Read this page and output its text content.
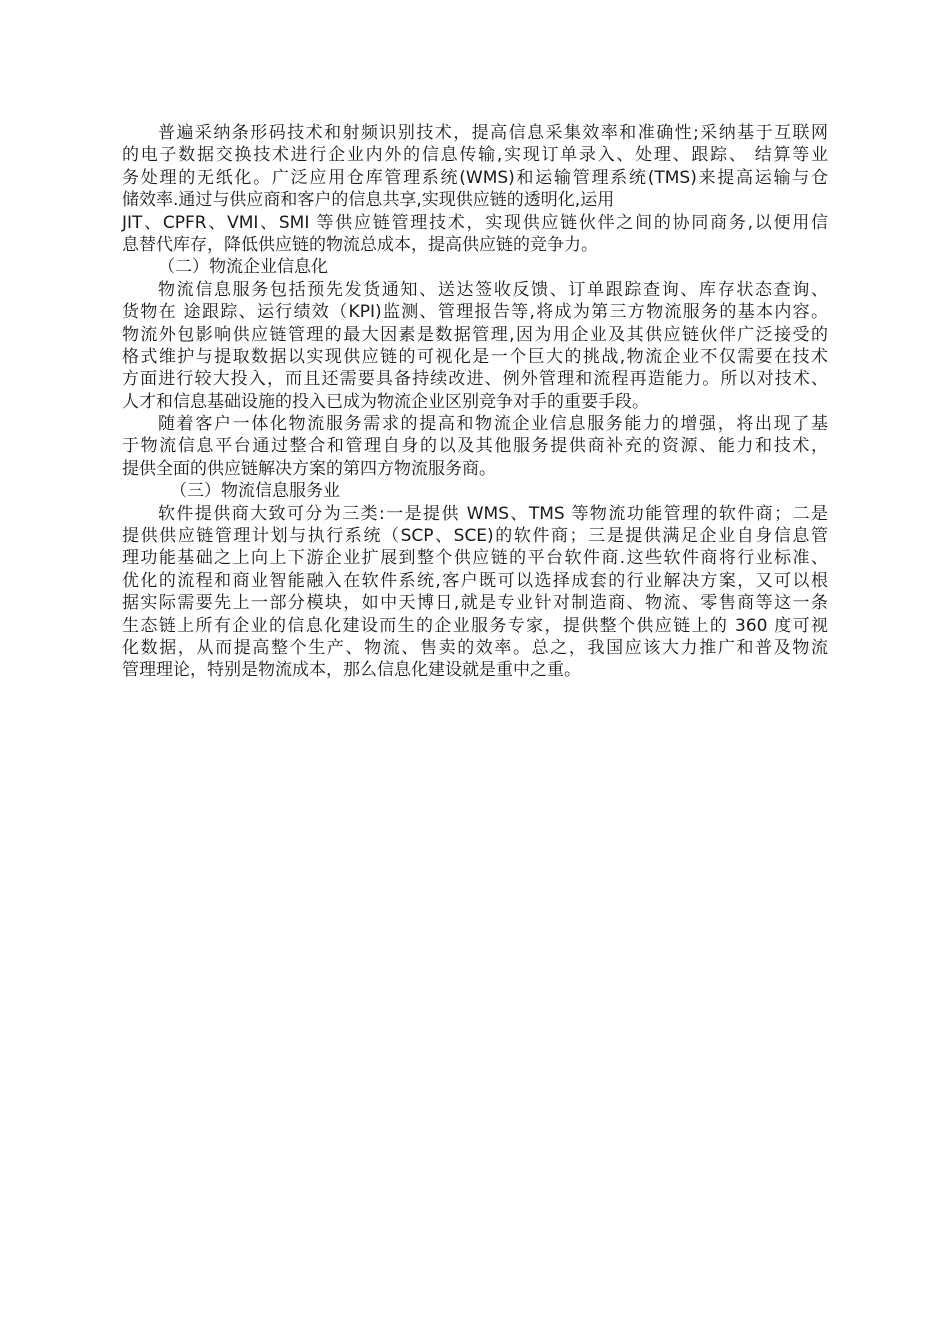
普遍采纳条形码技术和射频识别技术，提高信息采集效率和准确性;采纳基于互联网
的电子数据交换技术进行企业内外的信息传输,实现订单录入、处理、跟踪、 结算等业
务处理的无纸化。广泛应用仓库管理系统(WMS)和运输管理系统(TMS)来提高运输与仓
储效率.通过与供应商和客户的信息共享,实现供应链的透明化,运用
JIT、CPFR、VMI、SMI 等供应链管理技术，实现供应链伙伴之间的协同商务,以便用信
息替代库存，降低供应链的物流总成本，提高供应链的竞争力。
（二）物流企业信息化
物流信息服务包括预先发货通知、送达签收反馈、订单跟踪查询、库存状态查询、
货物在 途跟踪、运行绩效（KPI)监测、管理报告等,将成为第三方物流服务的基本内容。
物流外包影响供应链管理的最大因素是数据管理,因为用企业及其供应链伙伴广泛接受的
格式维护与提取数据以实现供应链的可视化是一个巨大的挑战,物流企业不仅需要在技术
方面进行较大投入，而且还需要具备持续改进、例外管理和流程再造能力。所以对技术、
人才和信息基础设施的投入已成为物流企业区别竞争对手的重要手段。
随着客户一体化物流服务需求的提高和物流企业信息服务能力的增强，将出现了基
于物流信息平台通过整合和管理自身的以及其他服务提供商补充的资源、能力和技术，
提供全面的供应链解决方案的第四方物流服务商。
（三）物流信息服务业
软件提供商大致可分为三类:一是提供 WMS、TMS 等物流功能管理的软件商；二是
提供供应链管理计划与执行系统（SCP、SCE)的软件商；三是提供满足企业自身信息管
理功能基础之上向上下游企业扩展到整个供应链的平台软件商.这些软件商将行业标准、
优化的流程和商业智能融入在软件系统,客户既可以选择成套的行业解决方案，又可以根
据实际需要先上一部分模块，如中天博日,就是专业针对制造商、物流、零售商等这一条
生态链上所有企业的信息化建设而生的企业服务专家，提供整个供应链上的 360 度可视
化数据，从而提高整个生产、物流、售卖的效率。总之，我国应该大力推广和普及物流
管理理论，特别是物流成本，那么信息化建设就是重中之重。
